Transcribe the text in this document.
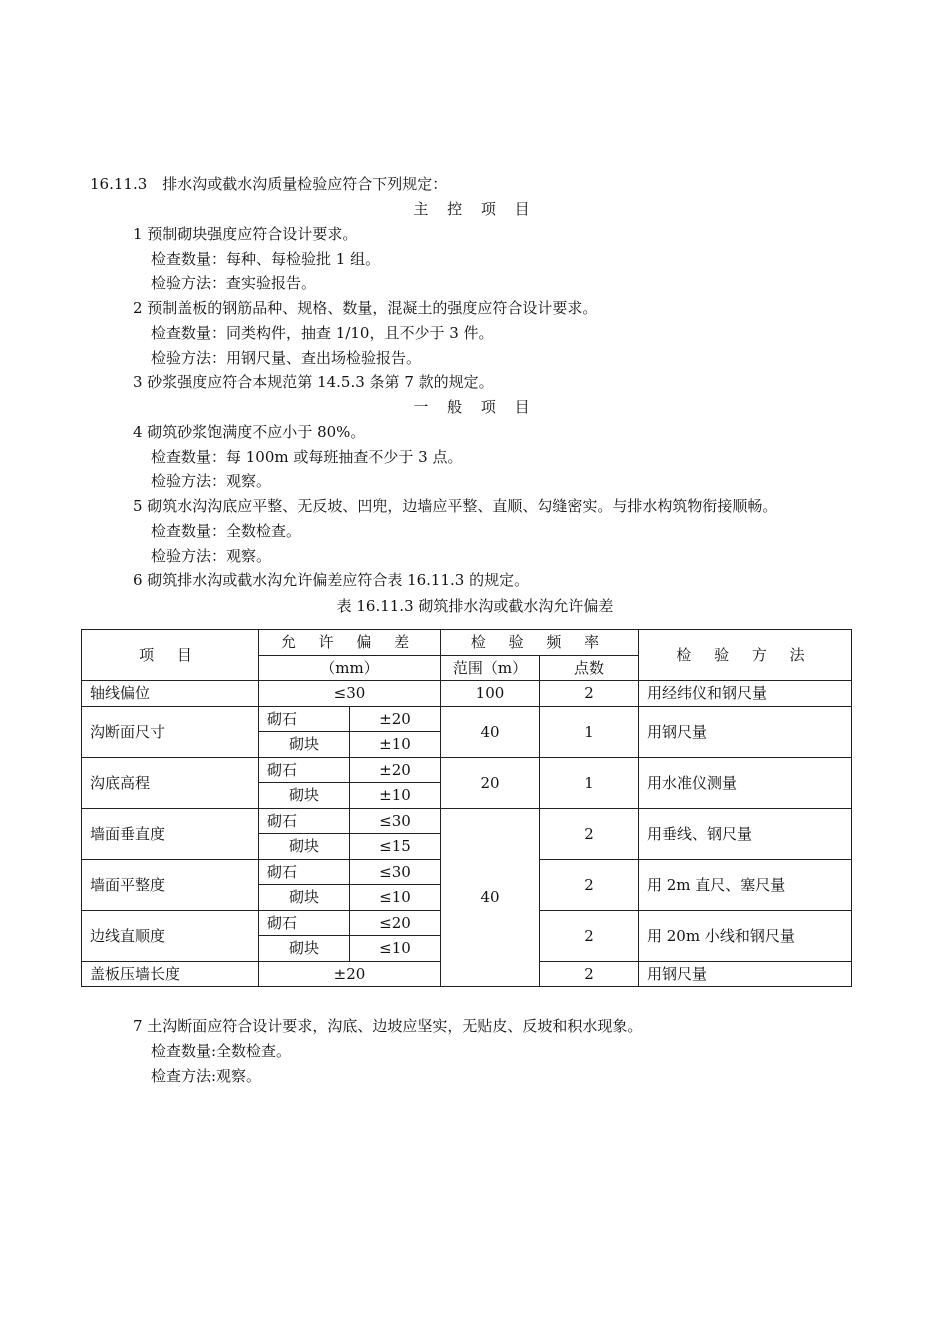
16.11.3　排水沟或截水沟质量检验应符合下列规定：
主 控 项 目
1 预制砌块强度应符合设计要求。
检查数量：每种、每检验批 1 组。
检验方法：查实验报告。
2 预制盖板的钢筋品种、规格、数量，混凝土的强度应符合设计要求。
检查数量：同类构件，抽查 1/10，且不少于 3 件。
检验方法：用钢尺量、查出场检验报告。
3 砂浆强度应符合本规范第 14.5.3 条第 7 款的规定。
一 般 项 目
4 砌筑砂浆饱满度不应小于 80%。
检查数量：每 100m 或每班抽查不少于 3 点。
检验方法：观察。
5 砌筑水沟沟底应平整、无反坡、凹兜，边墙应平整、直顺、勾缝密实。与排水构筑物衔接顺畅。
检查数量：全数检查。
检验方法：观察。
6 砌筑排水沟或截水沟允许偏差应符合表 16.11.3 的规定。
表 16.11.3 砌筑排水沟或截水沟允许偏差
项 目	允 许 偏 差		检 验 频 率		检 验 方 法
	（mm）		范围（m）	点数	
轴线偏位	≤30		100	2	用经纬仪和钢尺量
沟断面尺寸	砌石	±20	40	1	用钢尺量
	砌块	±10			
沟底高程	砌石	±20	20	1	用水准仪测量
	砌块	±10			
墙面垂直度	砌石	≤30	40	2	用垂线、钢尺量
	砌块	≤15			
墙面平整度	砌石	≤30		2	用 2m 直尺、塞尺量
	砌块	≤10			
边线直顺度	砌石	≤20		2	用 20m 小线和钢尺量
	砌块	≤10			
盖板压墙长度	±20			2	用钢尺量
7 土沟断面应符合设计要求，沟底、边坡应坚实，无贴皮、反坡和积水现象。
检查数量:全数检查。
检查方法:观察。
